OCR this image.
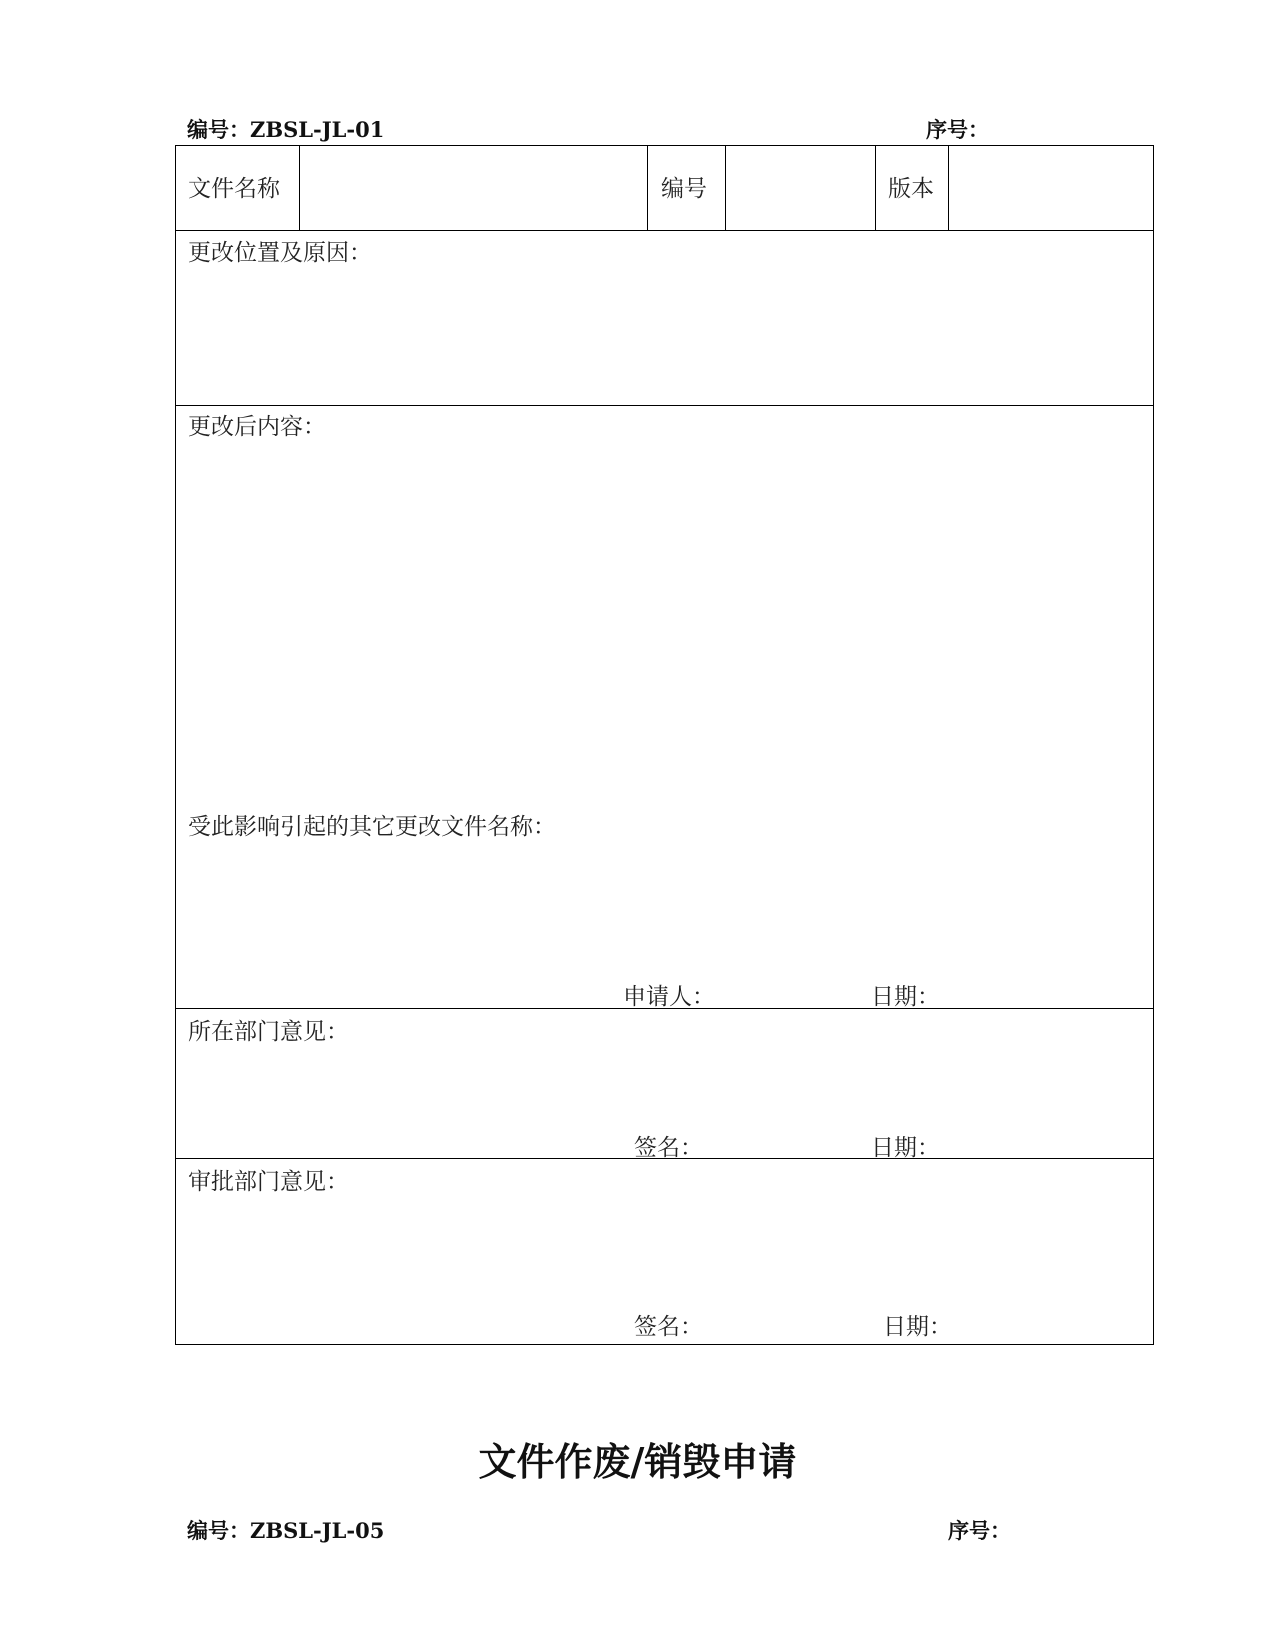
编号：ZBSL-JL-01	序号：
文件名称	编号	版本
更改位置及原因：
更改后内容：
受此影响引起的其它更改文件名称：
申请人：	日期：
所在部门意见：
签名：	日期：
审批部门意见：
签名：	日期：
文件作废/销毁申请
编号：ZBSL-JL-05	序号：
